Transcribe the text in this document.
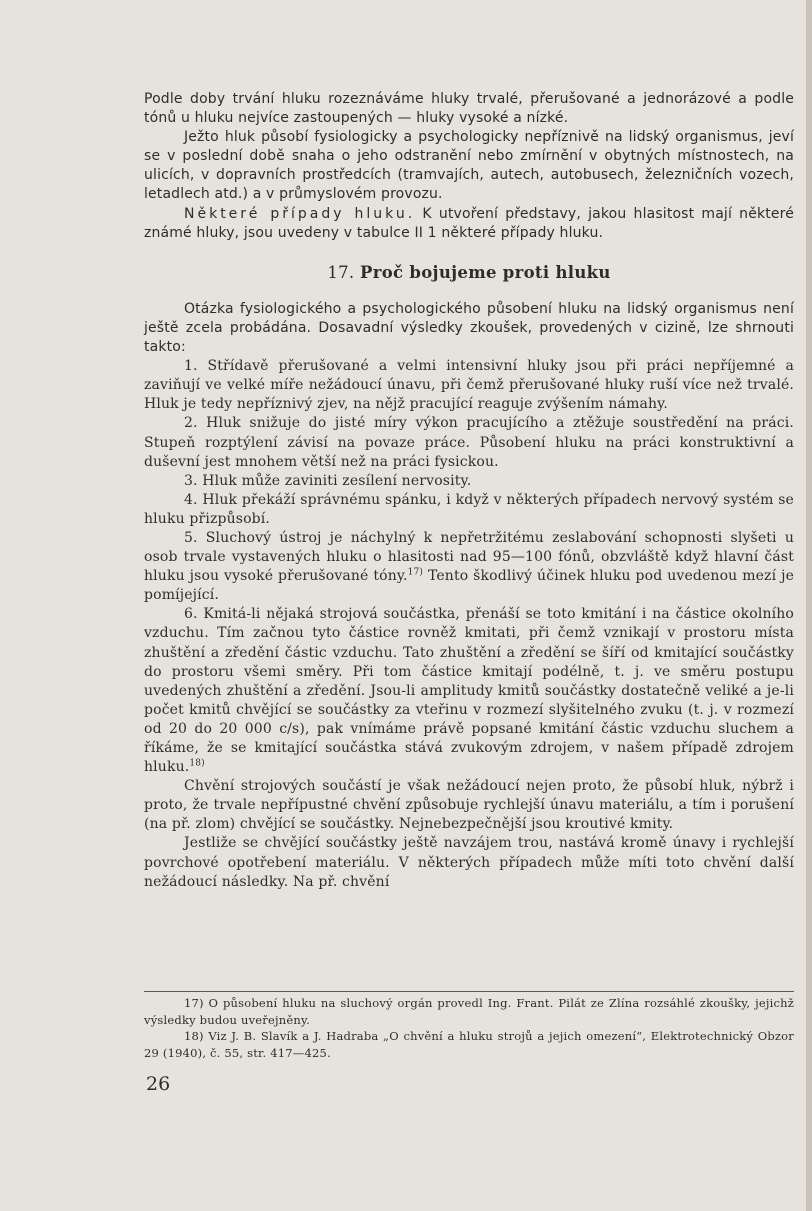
Podle doby trvání hluku rozeznáváme hluky trvalé, přerušované a jednorázové a podle tónů u hluku nejvíce zastoupených — hluky vysoké a nízké.

Ježto hluk působí fysiologicky a psychologicky nepříznivě na lidský organismus, jeví se v poslední době snaha o jeho odstranění nebo zmírnění v obytných místnostech, na ulicích, v dopravních prostředcích (tramvajích, autech, autobusech, železničních vozech, letadlech atd.) a v průmyslovém provozu.

Některé případy hluku. K utvoření představy, jakou hlasitost mají některé známé hluky, jsou uvedeny v tabulce II 1 některé případy hluku.

17. Proč bojujeme proti hluku

Otázka fysiologického a psychologického působení hluku na lidský organismus není ještě zcela probádána. Dosavadní výsledky zkoušek, provedených v cizině, lze shrnouti takto:

1. Střídavě přerušované a velmi intensivní hluky jsou při práci nepříjemné a zaviňují ve velké míře nežádoucí únavu, při čemž přerušované hluky ruší více než trvalé. Hluk je tedy nepříznivý zjev, na nějž pracující reaguje zvýšením námahy.

2. Hluk snižuje do jisté míry výkon pracujícího a ztěžuje soustředění na práci. Stupeň rozptýlení závisí na povaze práce. Působení hluku na práci konstruktivní a duševní jest mnohem větší než na práci fysickou.

3. Hluk může zaviniti zesílení nervosity.

4. Hluk překáží správnému spánku, i když v některých případech nervový systém se hluku přizpůsobí.

5. Sluchový ústroj je náchylný k nepřetržitému zeslabování schopnosti slyšeti u osob trvale vystavených hluku o hlasitosti nad 95—100 fónů, obzvláště když hlavní část hluku jsou vysoké přerušované tóny.$^{17)}$ Tento škodlivý účinek hluku pod uvedenou mezí je pomíjející.

6. Kmitá-li nějaká strojová součástka, přenáší se toto kmitání i na částice okolního vzduchu. Tím začnou tyto částice rovněž kmitati, při čemž vznikají v prostoru místa zhuštění a zředění částic vzduchu. Tato zhuštění a zředění se šíří od kmitající součástky do prostoru všemi směry. Při tom částice kmitají podélně, t. j. ve směru postupu uvedených zhuštění a zředění. Jsou-li amplitudy kmitů součástky dostatečně veliké a je-li počet kmitů chvějící se součástky za vteřinu v rozmezí slyšitelného zvuku (t. j. v rozmezí od 20 do 20 000 c/s), pak vnímáme právě popsané kmitání částic vzduchu sluchem a říkáme, že se kmitající součástka stává zvukovým zdrojem, v našem případě zdrojem hluku.$^{18)}$

Chvění strojových součástí je však nežádoucí nejen proto, že působí hluk, nýbrž i proto, že trvale nepřípustné chvění způsobuje rychlejší únavu materiálu, a tím i porušení (na př. zlom) chvějící se součástky. Nejnebezpečnější jsou kroutivé kmity.

Jestliže se chvějící součástky ještě navzájem trou, nastává kromě únavy i rychlejší povrchové opotřebení materiálu. V některých případech může míti toto chvění další nežádoucí následky. Na př. chvění

17) O působení hluku na sluchový orgán provedl Ing. Frant. Pilát ze Zlína rozsáhlé zkoušky, jejichž výsledky budou uveřejněny.

18) Viz J. B. Slavík a J. Hadraba „O chvění a hluku strojů a jejich omezení“, Elektrotechnický Obzor 29 (1940), č. 55, str. 417—425.

26
